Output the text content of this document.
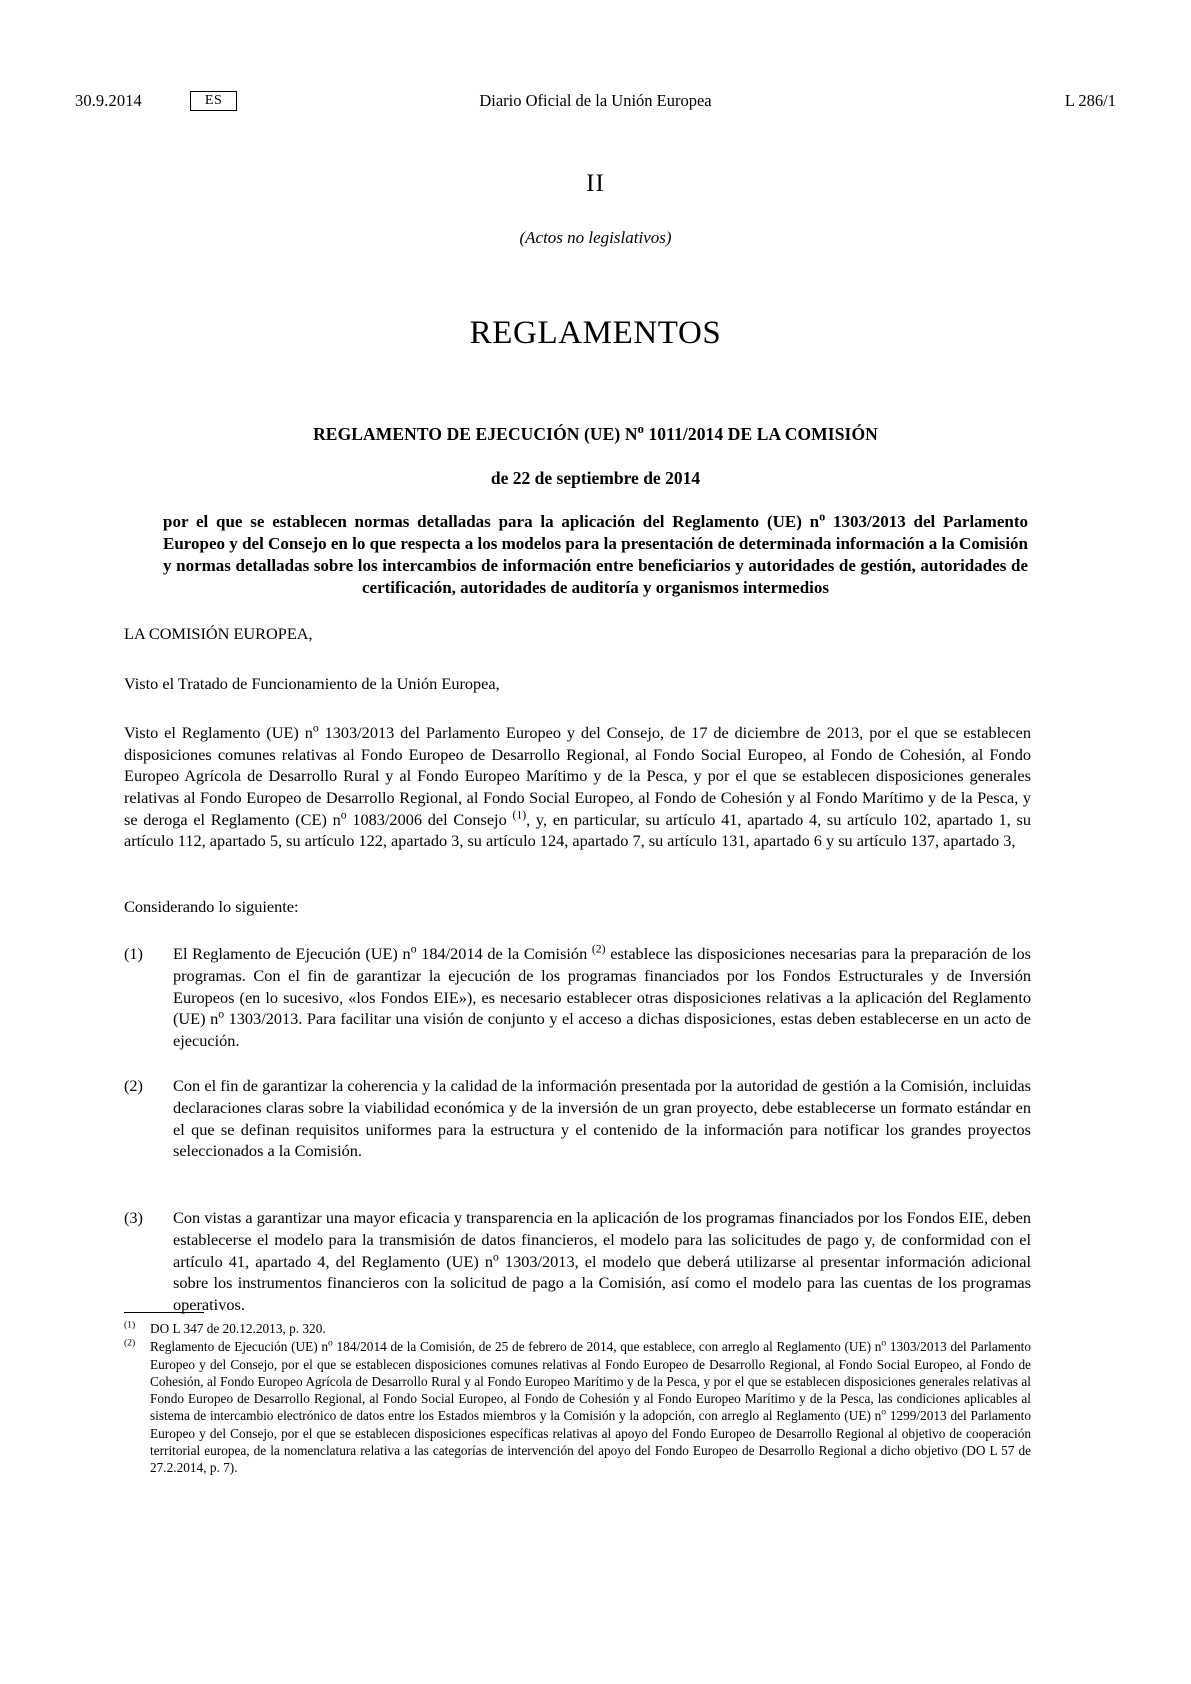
30.9.2014	ES	Diario Oficial de la Unión Europea	L 286/1
II
(Actos no legislativos)
REGLAMENTOS

REGLAMENTO DE EJECUCIÓN (UE) $N^o$ 1011/2014 DE LA COMISIÓN

de 22 de septiembre de 2014

por el que se establecen normas detalladas para la aplicación del Reglamento (UE) $n^o$ 1303/2013 del Parlamento Europeo y del Consejo en lo que respecta a los modelos para la presentación de determinada información a la Comisión y normas detalladas sobre los intercambios de información entre beneficiarios y autoridades de gestión, autoridades de certificación, autoridades de auditoría y organismos intermedios

LA COMISIÓN EUROPEA,
Visto el Tratado de Funcionamiento de la Unión Europea,
Visto el Reglamento (UE) $n^o$ 1303/2013 del Parlamento Europeo y del Consejo, de 17 de diciembre de 2013, por el que se establecen disposiciones comunes relativas al Fondo Europeo de Desarrollo Regional, al Fondo Social Europeo, al Fondo de Cohesión, al Fondo Europeo Agrícola de Desarrollo Rural y al Fondo Europeo Marítimo y de la Pesca, y por el que se establecen disposiciones generales relativas al Fondo Europeo de Desarrollo Regional, al Fondo Social Europeo, al Fondo de Cohesión y al Fondo Marítimo y de la Pesca, y se deroga el Reglamento (CE) $n^o$ 1083/2006 del Consejo $^{(1)}$, y, en particular, su artículo 41, apartado 4, su artículo 102, apartado 1, su artículo 112, apartado 5, su artículo 122, apartado 3, su artículo 124, apartado 7, su artículo 131, apartado 6 y su artículo 137, apartado 3,
Considerando lo siguiente:
(1)	El Reglamento de Ejecución (UE) $n^o$ 184/2014 de la Comisión $^{(2)}$ establece las disposiciones necesarias para la preparación de los programas. Con el fin de garantizar la ejecución de los programas financiados por los Fondos Estructurales y de Inversión Europeos (en lo sucesivo, «los Fondos EIE»), es necesario establecer otras disposiciones relativas a la aplicación del Reglamento (UE) $n^o$ 1303/2013. Para facilitar una visión de conjunto y el acceso a dichas disposiciones, estas deben establecerse en un acto de ejecución.
(2)	Con el fin de garantizar la coherencia y la calidad de la información presentada por la autoridad de gestión a la Comisión, incluidas declaraciones claras sobre la viabilidad económica y de la inversión de un gran proyecto, debe establecerse un formato estándar en el que se definan requisitos uniformes para la estructura y el contenido de la información para notificar los grandes proyectos seleccionados a la Comisión.
(3)	Con vistas a garantizar una mayor eficacia y transparencia en la aplicación de los programas financiados por los Fondos EIE, deben establecerse el modelo para la transmisión de datos financieros, el modelo para las solicitudes de pago y, de conformidad con el artículo 41, apartado 4, del Reglamento (UE) $n^o$ 1303/2013, el modelo que deberá utilizarse al presentar información adicional sobre los instrumentos financieros con la solicitud de pago a la Comisión, así como el modelo para las cuentas de los programas operativos.
$^{(1)}$	DO L 347 de 20.12.2013, p. 320.
$^{(2)}$	Reglamento de Ejecución (UE) $n^o$ 184/2014 de la Comisión, de 25 de febrero de 2014, que establece, con arreglo al Reglamento (UE) $n^o$ 1303/2013 del Parlamento Europeo y del Consejo, por el que se establecen disposiciones comunes relativas al Fondo Europeo de Desarrollo Regional, al Fondo Social Europeo, al Fondo de Cohesión, al Fondo Europeo Agrícola de Desarrollo Rural y al Fondo Europeo Marítimo y de la Pesca, y por el que se establecen disposiciones generales relativas al Fondo Europeo de Desarrollo Regional, al Fondo Social Europeo, al Fondo de Cohesión y al Fondo Europeo Marítimo y de la Pesca, las condiciones aplicables al sistema de intercambio electrónico de datos entre los Estados miembros y la Comisión y la adopción, con arreglo al Reglamento (UE) $n^o$ 1299/2013 del Parlamento Europeo y del Consejo, por el que se establecen disposiciones específicas relativas al apoyo del Fondo Europeo de Desarrollo Regional al objetivo de cooperación territorial europea, de la nomenclatura relativa a las categorías de intervención del apoyo del Fondo Europeo de Desarrollo Regional a dicho objetivo (DO L 57 de 27.2.2014, p. 7).
